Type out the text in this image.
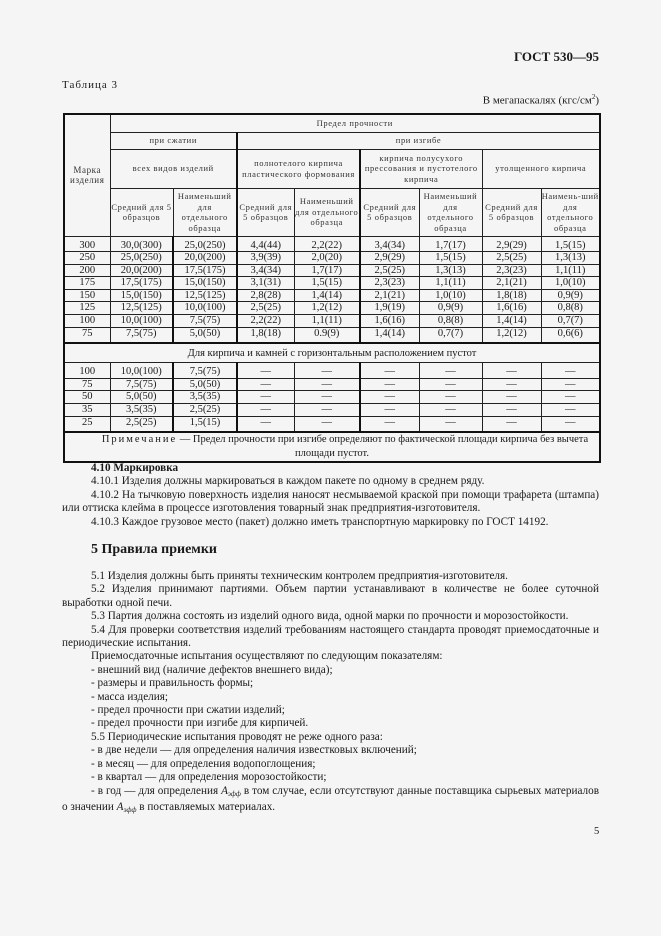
ГОСТ 530—95
Таблица 3
В мегапаскалях $(кгс/см^2)$
Марка изделия	Предел прочности							
	при сжатии		при изгибе					
	всех видов изделий		полнотелого кирпича пластического формования		кирпича полусухого прессования и пустотелого кирпича		утолщенного кирпича	
	Средний для 5 образцов	Наименьший для отдельного образца	Средний для 5 образцов	Наименьший для отдельного образца	Средний для 5 образцов	Наименьший для отдельного образца	Средний для 5 образцов	Наимень-ший для отдельного образца
300	30,0(300)	25,0(250)	4,4(44)	2,2(22)	3,4(34)	1,7(17)	2,9(29)	1,5(15)
250	25,0(250)	20,0(200)	3,9(39)	2,0(20)	2,9(29)	1,5(15)	2,5(25)	1,3(13)
200	20,0(200)	17,5(175)	3,4(34)	1,7(17)	2,5(25)	1,3(13)	2,3(23)	1,1(11)
175	17,5(175)	15,0(150)	3,1(31)	1,5(15)	2,3(23)	1,1(11)	2,1(21)	1,0(10)
150	15,0(150)	12,5(125)	2,8(28)	1,4(14)	2,1(21)	1,0(10)	1,8(18)	0,9(9)
125	12,5(125)	10,0(100)	2,5(25)	1,2(12)	1,9(19)	0,9(9)	1,6(16)	0,8(8)
100	10,0(100)	7,5(75)	2,2(22)	1,1(11)	1,6(16)	0,8(8)	1,4(14)	0,7(7)
75	7,5(75)	5,0(50)	1,8(18)	0.9(9)	1,4(14)	0,7(7)	1,2(12)	0,6(6)
Для кирпича и камней с горизонтальным расположением пустот								
100	10,0(100)	7,5(75)	—	—	—	—	—	—
75	7,5(75)	5,0(50)	—	—	—	—	—	—
50	5,0(50)	3,5(35)	—	—	—	—	—	—
35	3,5(35)	2,5(25)	—	—	—	—	—	—
25	2,5(25)	1,5(15)	—	—	—	—	—	—
Примечание — Предел прочности при изгибе определяют по фактической площади кирпича без вычета площади пустот.								
4.10 Маркировка

4.10.1 Изделия должны маркироваться в каждом пакете по одному в среднем ряду.

4.10.2 На тычковую поверхность изделия наносят несмываемой краской при помощи трафарета (штампа) или оттиска клейма в процессе изготовления товарный знак предприятия-изготовителя.

4.10.3 Каждое грузовое место (пакет) должно иметь транспортную маркировку по ГОСТ 14192.

5 Правила приемки

5.1 Изделия должны быть приняты техническим контролем предприятия-изготовителя.

5.2 Изделия принимают партиями. Объем партии устанавливают в количестве не более суточной выработки одной печи.

5.3 Партия должна состоять из изделий одного вида, одной марки по прочности и морозостойкости.

5.4 Для проверки соответствия изделий требованиям настоящего стандарта проводят приемосдаточные и периодические испытания.

Приемосдаточные испытания осуществляют по следующим показателям:

- внешний вид (наличие дефектов внешнего вида);

- размеры и правильность формы;

- масса изделия;

- предел прочности при сжатии изделий;

- предел прочности при изгибе для кирпичей.

5.5 Периодические испытания проводят не реже одного раза:

- в две недели — для определения наличия известковых включений;

- в месяц — для определения водопоглощения;

- в квартал — для определения морозостойкости;

- в год — для определения $A_{эфф}$ в том случае, если отсутствуют данные поставщика сырьевых материалов о значении $A_{эфф}$ в поставляемых материалах.

5
